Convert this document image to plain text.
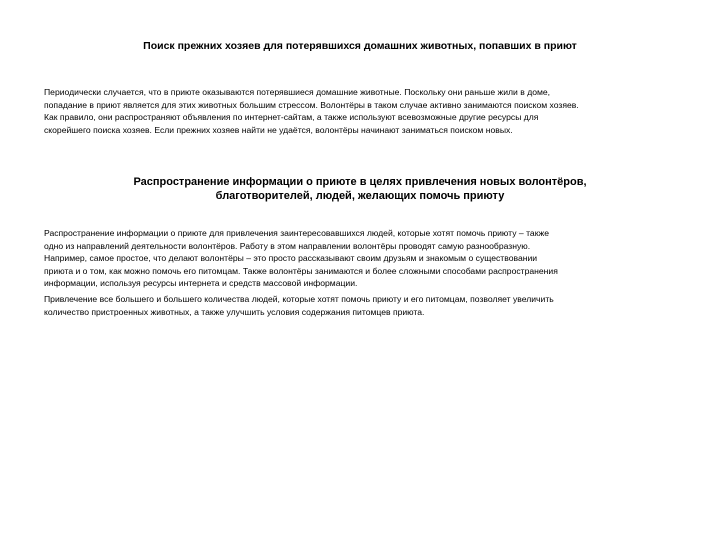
Поиск прежних хозяев для потерявшихся домашних животных, попавших в приют
Периодически случается, что в приюте оказываются потерявшиеся домашние животные. Поскольку они раньше жили в доме,
попадание в приют является для этих животных большим стрессом. Волонтёры в таком случае активно занимаются поиском хозяев.
Как правило, они распространяют объявления по интернет-сайтам, а также используют всевозможные другие ресурсы для
скорейшего поиска хозяев. Если прежних хозяев найти не удаётся, волонтёры начинают заниматься поиском новых.
Распространение информации о приюте в целях привлечения новых волонтёров,
благотворителей, людей, желающих помочь приюту
Распространение информации о приюте для привлечения заинтересовавшихся людей, которые хотят помочь приюту – также
одно из направлений деятельности волонтёров. Работу в этом направлении волонтёры проводят самую разнообразную.
Например, самое простое, что делают волонтёры – это просто рассказывают своим друзьям и знакомым о существовании
приюта и о том, как можно помочь его питомцам. Также волонтёры занимаются и более сложными способами распространения
информации, используя ресурсы интернета и средств массовой информации.
Привлечение все большего и большего количества людей, которые хотят помочь приюту и его питомцам, позволяет увеличить
количество пристроенных животных, а также улучшить условия содержания питомцев приюта.
